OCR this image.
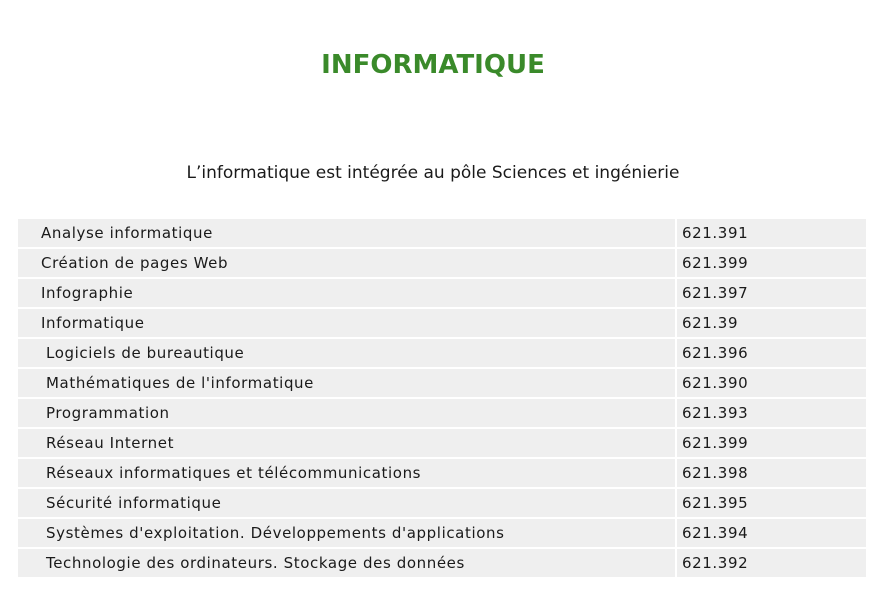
INFORMATIQUE
L’informatique est intégrée au pôle Sciences et ingénierie
Analyse informatique	621.391
Création de pages Web	621.399
Infographie	621.397
Informatique	621.39
Logiciels de bureautique	621.396
Mathématiques de l'informatique	621.390
Programmation	621.393
Réseau Internet	621.399
Réseaux informatiques et télécommunications	621.398
Sécurité informatique	621.395
Systèmes d'exploitation. Développements d'applications	621.394
Technologie des ordinateurs. Stockage des données	621.392
